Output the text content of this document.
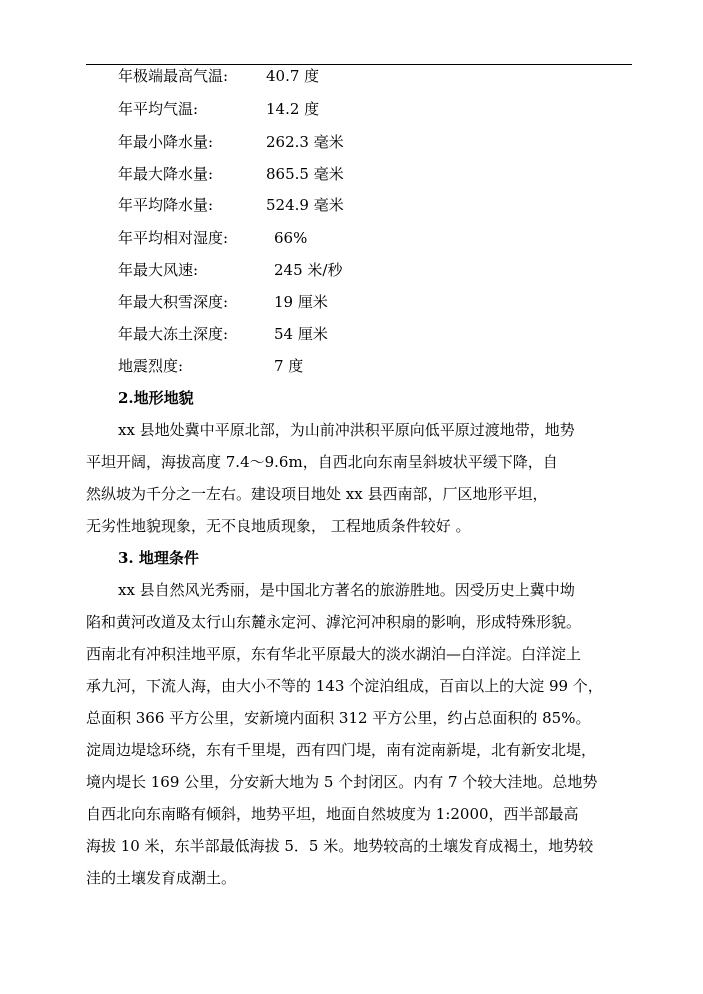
年极端最高气温:	40.7 度
年平均气温:	14.2 度
年最小降水量:	262.3 毫米
年最大降水量:	865.5 毫米
年平均降水量:	524.9 毫米
年平均相对湿度:	66%
年最大风速:	245 米/秒
年最大积雪深度:	19 厘米
年最大冻土深度:	54 厘米
地震烈度:	7 度
2.地形地貌
xx 县地处冀中平原北部，为山前冲洪积平原向低平原过渡地带，地势
平坦开阔，海拔高度 7.4～9.6m，自西北向东南呈斜坡状平缓下降，自
然纵坡为千分之一左右。建设项目地处 xx 县西南部，厂区地形平坦，
无劣性地貌现象，无不良地质现象， 工程地质条件较好 。
3. 地理条件
xx 县自然风光秀丽，是中国北方著名的旅游胜地。因受历史上冀中坳
陷和黄河改道及太行山东麓永定河、滹沱河冲积扇的影响，形成特殊形貌。
西南北有冲积洼地平原，东有华北平原最大的淡水湖泊—白洋淀。白洋淀上
承九河，下流人海，由大小不等的 143 个淀泊组成，百亩以上的大淀 99 个，
总面积 366 平方公里，安新境内面积 312 平方公里，约占总面积的 85%。
淀周边堤埝环绕，东有千里堤，西有四门堤，南有淀南新堤，北有新安北堤，
境内堤长 169 公里，分安新大地为 5 个封闭区。内有 7 个较大洼地。总地势
自西北向东南略有倾斜，地势平坦，地面自然坡度为 1:2000，西半部最高
海拔 10 米，东半部最低海拔 5．5 米。地势较高的土壤发育成褐土，地势较
洼的土壤发育成潮土。
